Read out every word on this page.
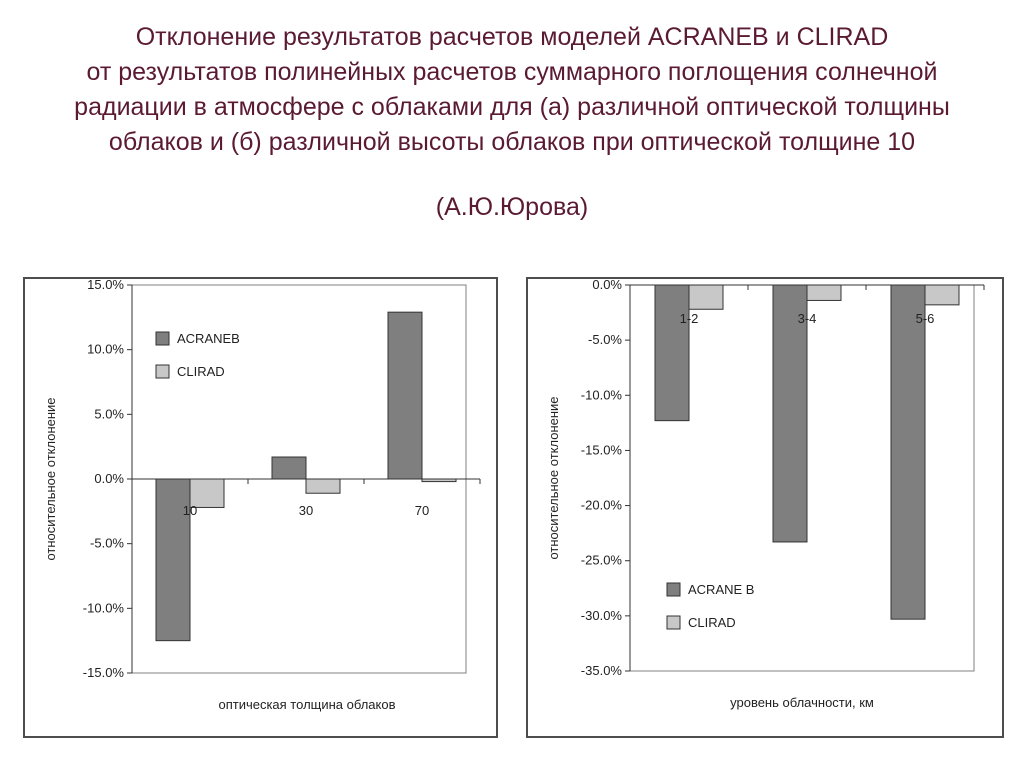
Отклонение результатов расчетов моделей ACRANEB и CLIRAD
от результатов полинейных расчетов суммарного поглощения солнечной
радиации в атмосфере с облаками для (а) различной оптической толщины
облаков и (б) различной высоты облаков при оптической толщине 10
(А.Ю.Юрова)
15.0%
10.0%
5.0%
0.0%
-5.0%
-10.0%
-15.0%
10	30	70
относительное отклонение
оптическая толщина облаков
ACRANEB
CLIRAD
0.0%
-5.0%
-10.0%
-15.0%
-20.0%
-25.0%
-30.0%
-35.0%
1-2	3-4	5-6
относительное отклонение
уровень облачности, км
ACRANE B
CLIRAD
